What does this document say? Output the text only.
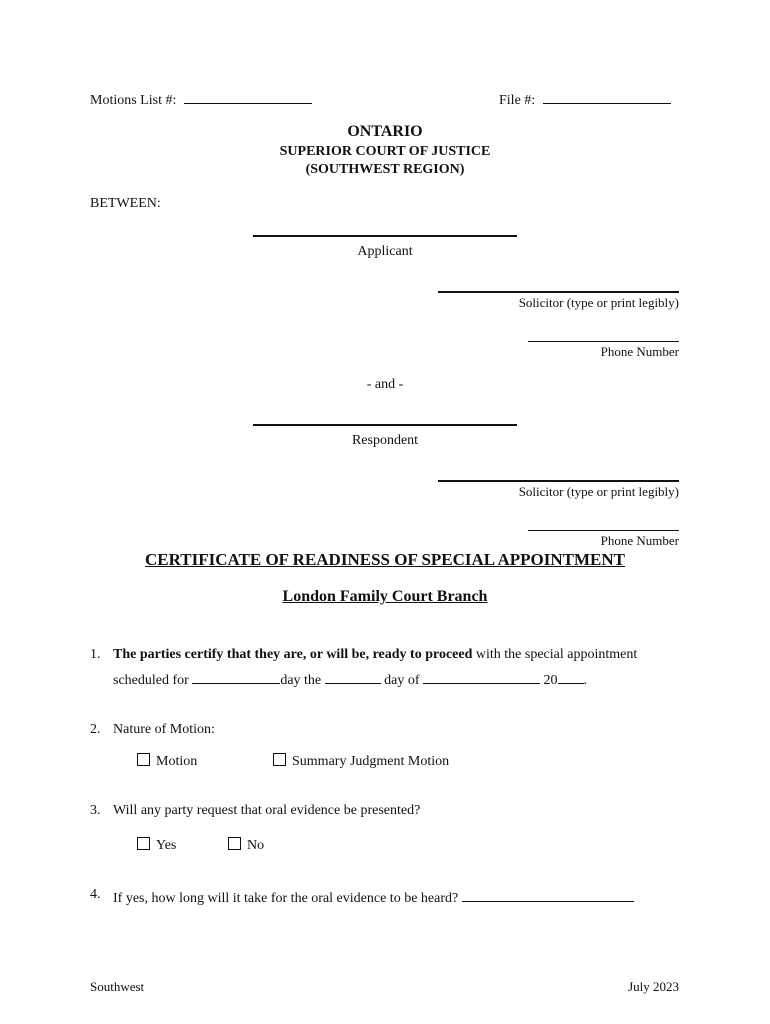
Motions List #:	File #:
ONTARIO
SUPERIOR COURT OF JUSTICE
(SOUTHWEST REGION)
BETWEEN:
Applicant
Solicitor (type or print legibly)
Phone Number
- and -
Respondent
Solicitor (type or print legibly)
Phone Number
CERTIFICATE OF READINESS OF SPECIAL APPOINTMENT
London Family Court Branch
1. The parties certify that they are, or will be, ready to proceed with the special appointment
scheduled for	day the	day of	20 .
2. Nature of Motion:
Motion	Summary Judgment Motion
3. Will any party request that oral evidence be presented?
Yes	No
4. If yes, how long will it take for the oral evidence to be heard?
Southwest	July 2023
